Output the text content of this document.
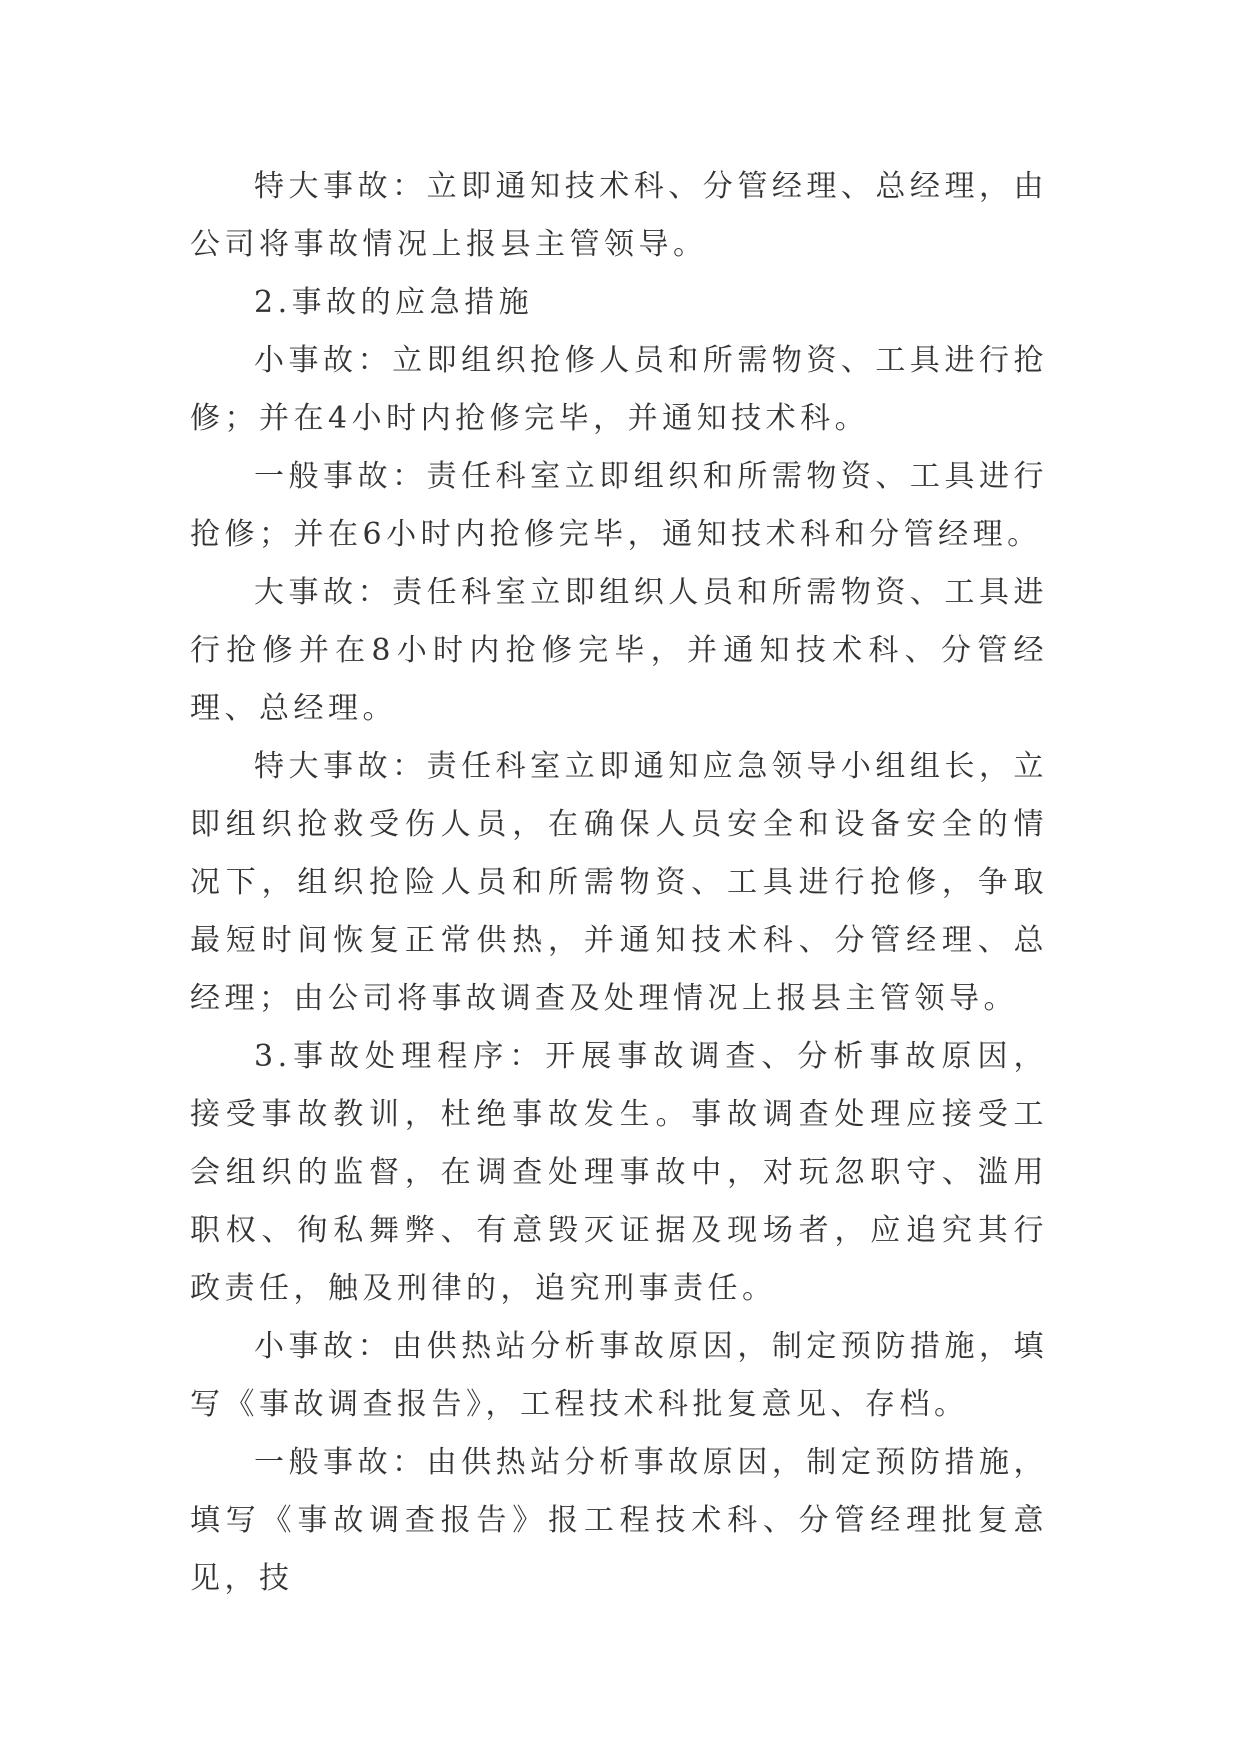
特大事故：立即通知技术科、分管经理、总经理，由公司将事故情况上报县主管领导。

2.事故的应急措施

小事故：立即组织抢修人员和所需物资、工具进行抢修；并在4小时内抢修完毕，并通知技术科。

一般事故：责任科室立即组织和所需物资、工具进行抢修；并在6小时内抢修完毕，通知技术科和分管经理。

大事故：责任科室立即组织人员和所需物资、工具进行抢修并在8小时内抢修完毕，并通知技术科、分管经理、总经理。

特大事故：责任科室立即通知应急领导小组组长，立即组织抢救受伤人员，在确保人员安全和设备安全的情况下，组织抢险人员和所需物资、工具进行抢修，争取最短时间恢复正常供热，并通知技术科、分管经理、总经理；由公司将事故调查及处理情况上报县主管领导。

3.事故处理程序：开展事故调查、分析事故原因，接受事故教训，杜绝事故发生。事故调查处理应接受工会组织的监督，在调查处理事故中，对玩忽职守、滥用职权、徇私舞弊、有意毁灭证据及现场者，应追究其行政责任，触及刑律的，追究刑事责任。

小事故：由供热站分析事故原因，制定预防措施，填写《事故调查报告》，工程技术科批复意见、存档。

一般事故：由供热站分析事故原因，制定预防措施，填写《事故调查报告》报工程技术科、分管经理批复意见，技
